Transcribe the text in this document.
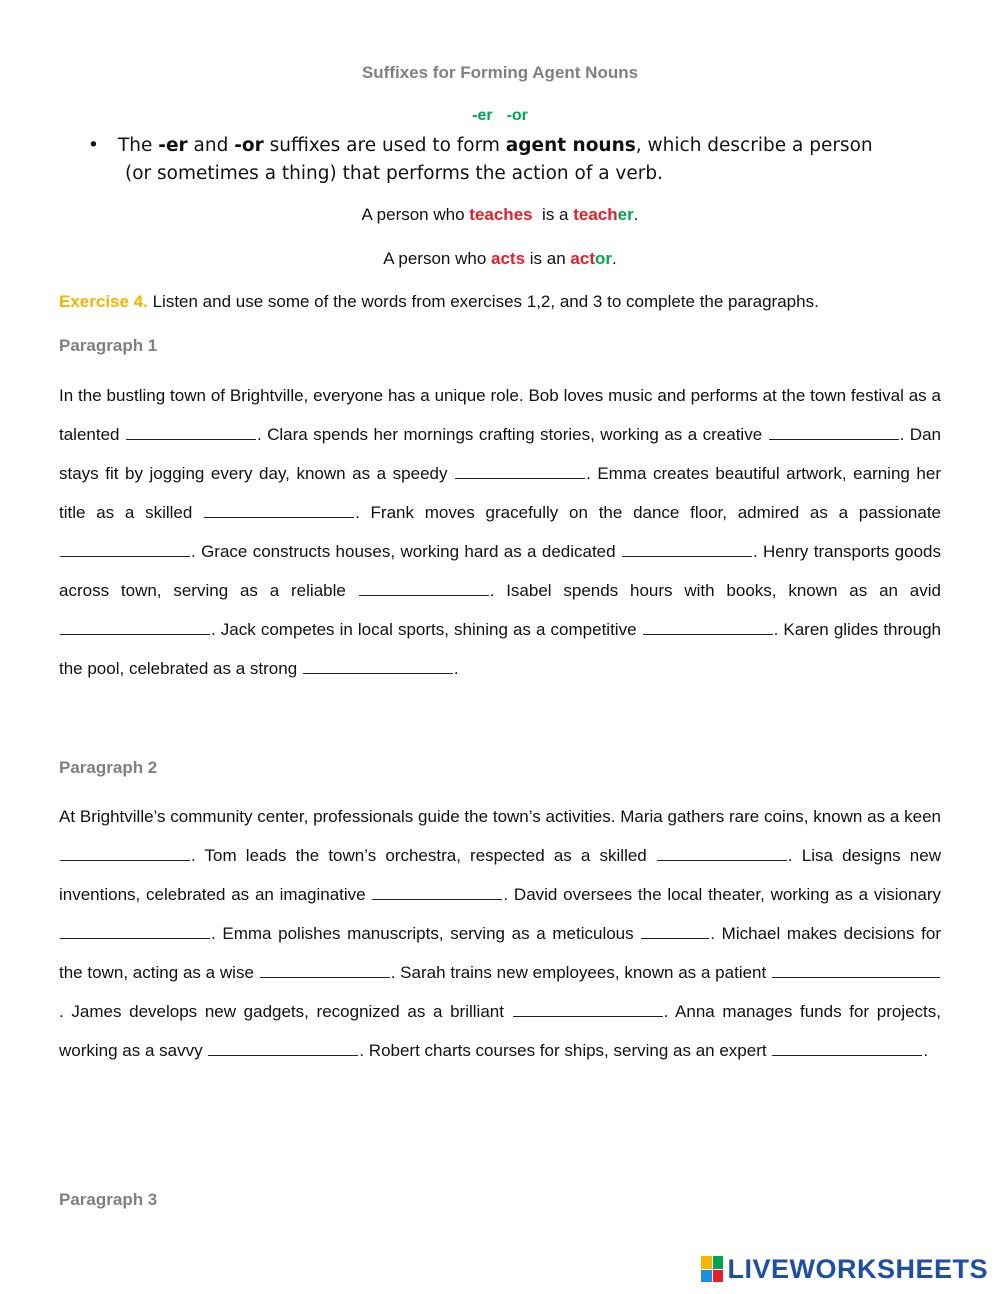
Suffixes for Forming Agent Nouns
-er -or
•	The -er and -or suffixes are used to form agent nouns, which describe a person
(or sometimes a thing) that performs the action of a verb.
A person who teaches  is a teacher.
A person who acts is an actor.
Exercise 4. Listen and use some of the words from exercises 1,2, and 3 to complete the paragraphs.
Paragraph 1
In the bustling town of Brightville, everyone has a unique role. Bob loves music and performs at the town festival as a talented	. Clara spends her mornings crafting stories, working as a creative	. Dan stays fit by jogging every day, known as a speedy	. Emma creates beautiful artwork, earning her title as a skilled	. Frank moves gracefully on the dance floor, admired as a passionate . Grace constructs houses, working hard as a dedicated	. Henry transports goods across town, serving as a reliable	. Isabel spends hours with books, known as an avid . Jack competes in local sports, shining as a competitive	. Karen glides through the pool, celebrated as a strong	.
Paragraph 2
At Brightville’s community center, professionals guide the town’s activities. Maria gathers rare coins, known as a keen . Tom leads the town’s orchestra, respected as a skilled	. Lisa designs new inventions, celebrated as an imaginative	. David oversees the local theater, working as a visionary . Emma polishes manuscripts, serving as a meticulous	. Michael makes decisions for the town, acting as a wise	. Sarah trains new employees, known as a patient . James develops new gadgets, recognized as a brilliant	. Anna manages funds for projects, working as a savvy	. Robert charts courses for ships, serving as an expert	.
Paragraph 3
LIVEWORKSHEETS
